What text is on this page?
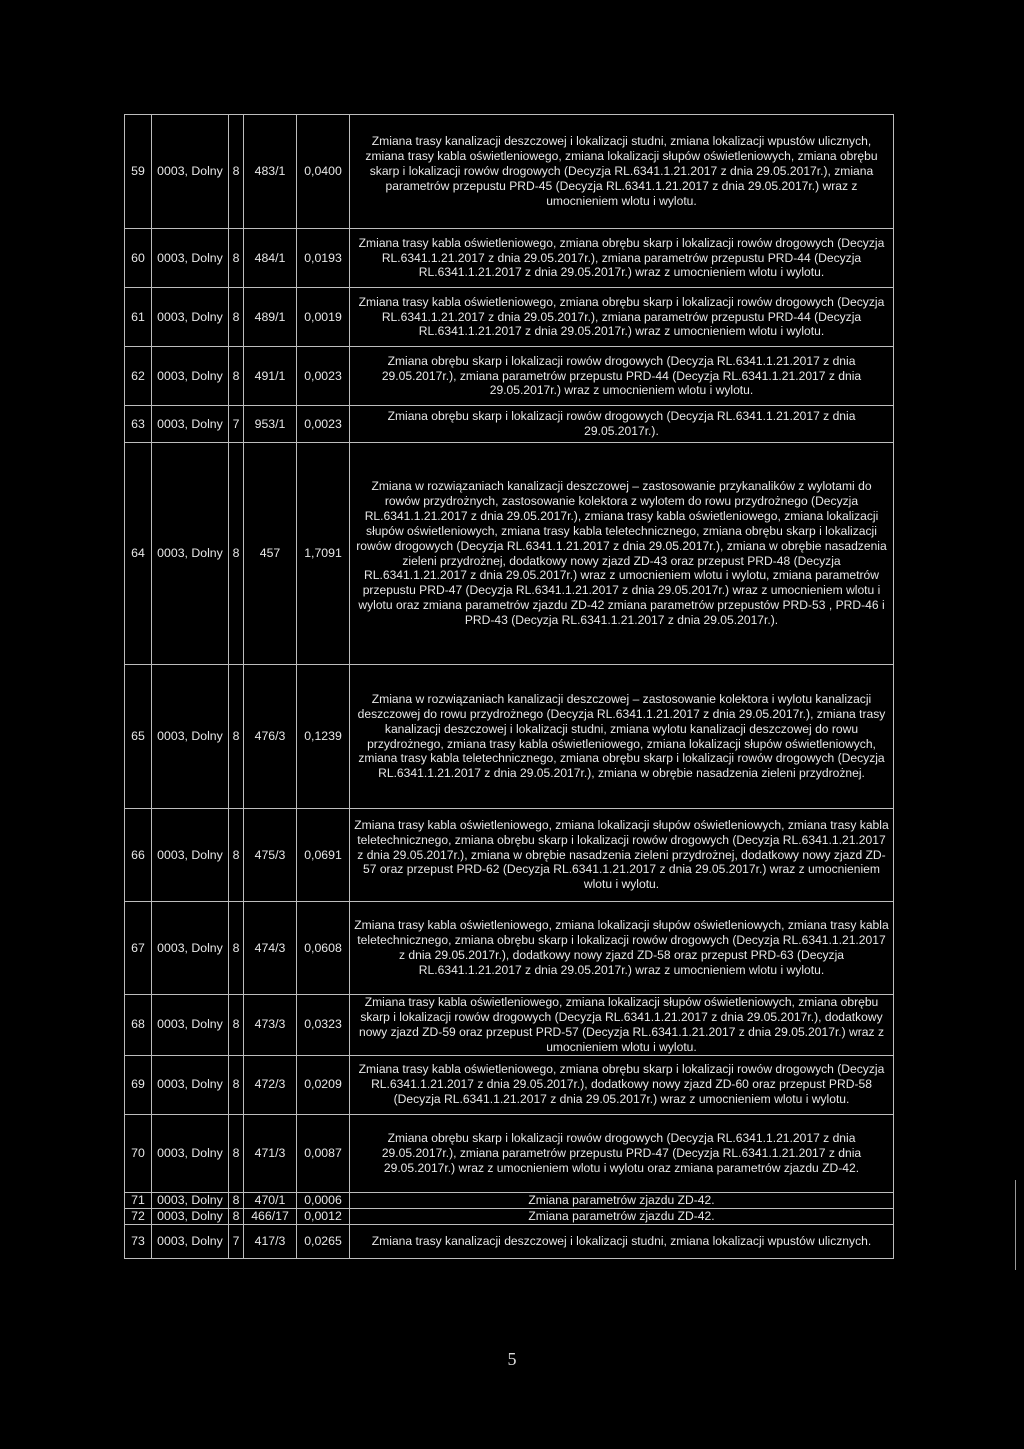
59	0003, Dolny	8	483/1	0,0400	Zmiana trasy kanalizacji deszczowej i lokalizacji studni, zmiana lokalizacji wpustów ulicznych, zmiana trasy kabla oświetleniowego, zmiana lokalizacji słupów oświetleniowych, zmiana obrębu skarp i lokalizacji rowów drogowych (Decyzja RL.6341.1.21.2017 z dnia 29.05.2017r.), zmiana parametrów przepustu PRD-45 (Decyzja RL.6341.1.21.2017 z dnia 29.05.2017r.) wraz z umocnieniem wlotu i wylotu.
60	0003, Dolny	8	484/1	0,0193	Zmiana trasy kabla oświetleniowego, zmiana obrębu skarp i lokalizacji rowów drogowych (Decyzja RL.6341.1.21.2017 z dnia 29.05.2017r.), zmiana parametrów przepustu PRD-44 (Decyzja RL.6341.1.21.2017 z dnia 29.05.2017r.) wraz z umocnieniem wlotu i wylotu.
61	0003, Dolny	8	489/1	0,0019	Zmiana trasy kabla oświetleniowego, zmiana obrębu skarp i lokalizacji rowów drogowych (Decyzja RL.6341.1.21.2017 z dnia 29.05.2017r.), zmiana parametrów przepustu PRD-44 (Decyzja RL.6341.1.21.2017 z dnia 29.05.2017r.) wraz z umocnieniem wlotu i wylotu.
62	0003, Dolny	8	491/1	0,0023	Zmiana obrębu skarp i lokalizacji rowów drogowych (Decyzja RL.6341.1.21.2017 z dnia 29.05.2017r.), zmiana parametrów przepustu PRD-44 (Decyzja RL.6341.1.21.2017 z dnia 29.05.2017r.) wraz z umocnieniem wlotu i wylotu.
63	0003, Dolny	7	953/1	0,0023	Zmiana obrębu skarp i lokalizacji rowów drogowych (Decyzja RL.6341.1.21.2017 z dnia 29.05.2017r.).
64	0003, Dolny	8	457	1,7091	Zmiana w rozwiązaniach kanalizacji deszczowej – zastosowanie przykanalików z wylotami do rowów przydrożnych, zastosowanie kolektora z wylotem do rowu przydrożnego (Decyzja RL.6341.1.21.2017 z dnia 29.05.2017r.), zmiana trasy kabla oświetleniowego, zmiana lokalizacji słupów oświetleniowych, zmiana trasy kabla teletechnicznego, zmiana obrębu skarp i lokalizacji rowów drogowych (Decyzja RL.6341.1.21.2017 z dnia 29.05.2017r.), zmiana w obrębie nasadzenia zieleni przydrożnej, dodatkowy nowy zjazd ZD-43 oraz przepust PRD-48 (Decyzja RL.6341.1.21.2017 z dnia 29.05.2017r.) wraz z umocnieniem wlotu i wylotu, zmiana parametrów przepustu PRD-47 (Decyzja RL.6341.1.21.2017 z dnia 29.05.2017r.) wraz z umocnieniem wlotu i wylotu oraz zmiana parametrów zjazdu ZD-42 zmiana parametrów przepustów PRD-53 , PRD-46 i PRD-43 (Decyzja RL.6341.1.21.2017 z dnia 29.05.2017r.).
65	0003, Dolny	8	476/3	0,1239	Zmiana w rozwiązaniach kanalizacji deszczowej – zastosowanie kolektora i wylotu kanalizacji deszczowej do rowu przydrożnego (Decyzja RL.6341.1.21.2017 z dnia 29.05.2017r.), zmiana trasy kanalizacji deszczowej i lokalizacji studni, zmiana wylotu kanalizacji deszczowej do rowu przydrożnego, zmiana trasy kabla oświetleniowego, zmiana lokalizacji słupów oświetleniowych, zmiana trasy kabla teletechnicznego, zmiana obrębu skarp i lokalizacji rowów drogowych (Decyzja RL.6341.1.21.2017 z dnia 29.05.2017r.), zmiana w obrębie nasadzenia zieleni przydrożnej.
66	0003, Dolny	8	475/3	0,0691	Zmiana trasy kabla oświetleniowego, zmiana lokalizacji słupów oświetleniowych, zmiana trasy kabla teletechnicznego, zmiana obrębu skarp i lokalizacji rowów drogowych (Decyzja RL.6341.1.21.2017 z dnia 29.05.2017r.), zmiana w obrębie nasadzenia zieleni przydrożnej, dodatkowy nowy zjazd ZD-57 oraz przepust PRD-62 (Decyzja RL.6341.1.21.2017 z dnia 29.05.2017r.) wraz z umocnieniem wlotu i wylotu.
67	0003, Dolny	8	474/3	0,0608	Zmiana trasy kabla oświetleniowego, zmiana lokalizacji słupów oświetleniowych, zmiana trasy kabla teletechnicznego, zmiana obrębu skarp i lokalizacji rowów drogowych (Decyzja RL.6341.1.21.2017 z dnia 29.05.2017r.), dodatkowy nowy zjazd ZD-58 oraz przepust PRD-63 (Decyzja RL.6341.1.21.2017 z dnia 29.05.2017r.) wraz z umocnieniem wlotu i wylotu.
68	0003, Dolny	8	473/3	0,0323	Zmiana trasy kabla oświetleniowego, zmiana lokalizacji słupów oświetleniowych, zmiana obrębu skarp i lokalizacji rowów drogowych (Decyzja RL.6341.1.21.2017 z dnia 29.05.2017r.), dodatkowy nowy zjazd ZD-59 oraz przepust PRD-57 (Decyzja RL.6341.1.21.2017 z dnia 29.05.2017r.) wraz z umocnieniem wlotu i wylotu.
69	0003, Dolny	8	472/3	0,0209	Zmiana trasy kabla oświetleniowego, zmiana obrębu skarp i lokalizacji rowów drogowych (Decyzja RL.6341.1.21.2017 z dnia 29.05.2017r.), dodatkowy nowy zjazd ZD-60 oraz przepust PRD-58 (Decyzja RL.6341.1.21.2017 z dnia 29.05.2017r.) wraz z umocnieniem wlotu i wylotu.
70	0003, Dolny	8	471/3	0,0087	Zmiana obrębu skarp i lokalizacji rowów drogowych (Decyzja RL.6341.1.21.2017 z dnia 29.05.2017r.), zmiana parametrów przepustu PRD-47 (Decyzja RL.6341.1.21.2017 z dnia 29.05.2017r.) wraz z umocnieniem wlotu i wylotu oraz zmiana parametrów zjazdu ZD-42.
71	0003, Dolny	8	470/1	0,0006	Zmiana parametrów zjazdu ZD-42.
72	0003, Dolny	8	466/17	0,0012	Zmiana parametrów zjazdu ZD-42.
73	0003, Dolny	7	417/3	0,0265	Zmiana trasy kanalizacji deszczowej i lokalizacji studni, zmiana lokalizacji wpustów ulicznych.
5
